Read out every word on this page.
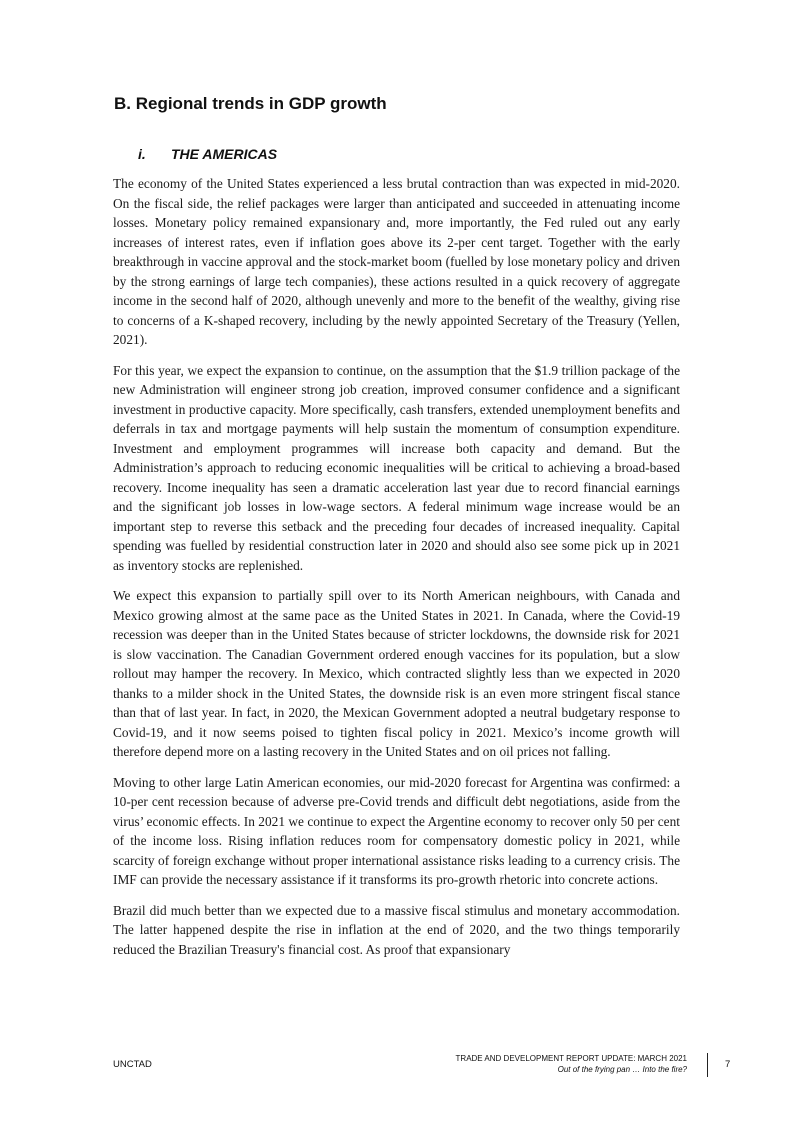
B. Regional trends in GDP growth
i. THE AMERICAS

The economy of the United States experienced a less brutal contraction than was expected in mid-2020. On the fiscal side, the relief packages were larger than anticipated and succeeded in attenuating income losses. Monetary policy remained expansionary and, more importantly, the Fed ruled out any early increases of interest rates, even if inflation goes above its 2-per cent target. Together with the early breakthrough in vaccine approval and the stock-market boom (fuelled by lose monetary policy and driven by the strong earnings of large tech companies), these actions resulted in a quick recovery of aggregate income in the second half of 2020, although unevenly and more to the benefit of the wealthy, giving rise to concerns of a K-shaped recovery, including by the newly appointed Secretary of the Treasury (Yellen, 2021).

For this year, we expect the expansion to continue, on the assumption that the $1.9 trillion package of the new Administration will engineer strong job creation, improved consumer confidence and a significant investment in productive capacity. More specifically, cash transfers, extended unemployment benefits and deferrals in tax and mortgage payments will help sustain the momentum of consumption expenditure. Investment and employment programmes will increase both capacity and demand. But the Administration’s approach to reducing economic inequalities will be critical to achieving a broad-based recovery. Income inequality has seen a dramatic acceleration last year due to record financial earnings and the significant job losses in low-wage sectors. A federal minimum wage increase would be an important step to reverse this setback and the preceding four decades of increased inequality. Capital spending was fuelled by residential construction later in 2020 and should also see some pick up in 2021 as inventory stocks are replenished.

We expect this expansion to partially spill over to its North American neighbours, with Canada and Mexico growing almost at the same pace as the United States in 2021. In Canada, where the Covid-19 recession was deeper than in the United States because of stricter lockdowns, the downside risk for 2021 is slow vaccination. The Canadian Government ordered enough vaccines for its population, but a slow rollout may hamper the recovery. In Mexico, which contracted slightly less than we expected in 2020 thanks to a milder shock in the United States, the downside risk is an even more stringent fiscal stance than that of last year. In fact, in 2020, the Mexican Government adopted a neutral budgetary response to Covid-19, and it now seems poised to tighten fiscal policy in 2021. Mexico’s income growth will therefore depend more on a lasting recovery in the United States and on oil prices not falling.

Moving to other large Latin American economies, our mid-2020 forecast for Argentina was confirmed: a 10-per cent recession because of adverse pre-Covid trends and difficult debt negotiations, aside from the virus’ economic effects. In 2021 we continue to expect the Argentine economy to recover only 50 per cent of the income loss. Rising inflation reduces room for compensatory domestic policy in 2021, while scarcity of foreign exchange without proper international assistance risks leading to a currency crisis. The IMF can provide the necessary assistance if it transforms its pro-growth rhetoric into concrete actions.

Brazil did much better than we expected due to a massive fiscal stimulus and monetary accommodation. The latter happened despite the rise in inflation at the end of 2020, and the two things temporarily reduced the Brazilian Treasury's financial cost. As proof that expansionary

UNCTAD
TRADE AND DEVELOPMENT REPORT UPDATE: MARCH 2021
Out of the frying pan … Into the fire?	7
